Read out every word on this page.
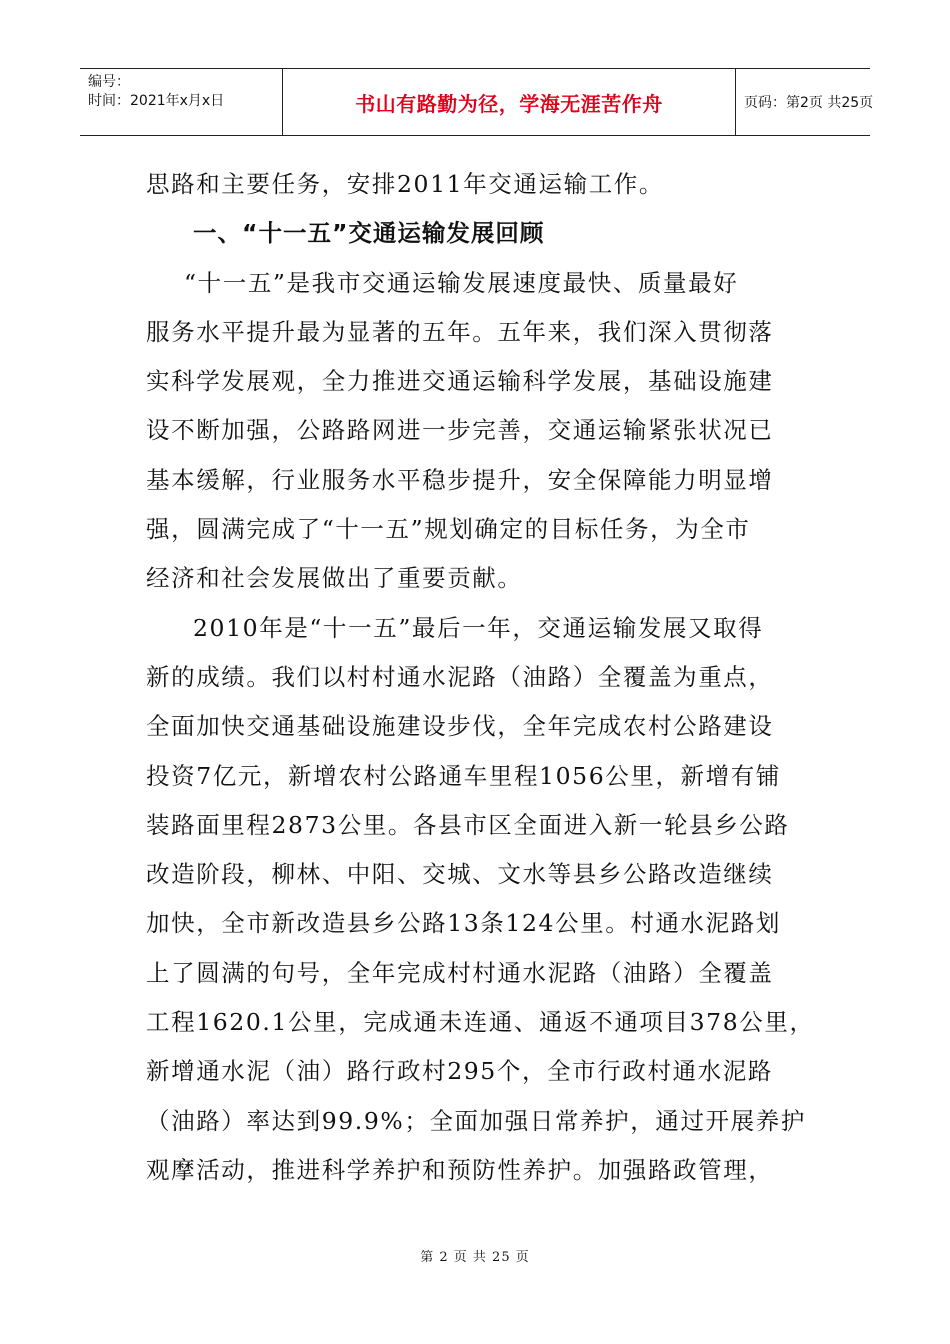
编号：
时间：2021年x月x日	书山有路勤为径，学海无涯苦作舟	页码：第2页 共25页
思路和主要任务，安排2011年交通运输工作。
一、“十一五”交通运输发展回顾
“十一五”是我市交通运输发展速度最快、质量最好
服务水平提升最为显著的五年。五年来，我们深入贯彻落
实科学发展观，全力推进交通运输科学发展，基础设施建
设不断加强，公路路网进一步完善，交通运输紧张状况已
基本缓解，行业服务水平稳步提升，安全保障能力明显增
强，圆满完成了“十一五”规划确定的目标任务，为全市
经济和社会发展做出了重要贡献。
2010年是“十一五”最后一年，交通运输发展又取得
新的成绩。我们以村村通水泥路（油路）全覆盖为重点，
全面加快交通基础设施建设步伐，全年完成农村公路建设
投资7亿元，新增农村公路通车里程1056公里，新增有铺
装路面里程2873公里。各县市区全面进入新一轮县乡公路
改造阶段，柳林、中阳、交城、文水等县乡公路改造继续
加快，全市新改造县乡公路13条124公里。村通水泥路划
上了圆满的句号，全年完成村村通水泥路（油路）全覆盖
工程1620.1公里，完成通未连通、通返不通项目378公里，
新增通水泥（油）路行政村295个，全市行政村通水泥路
（油路）率达到99.9%；全面加强日常养护，通过开展养护
观摩活动，推进科学养护和预防性养护。加强路政管理，
第 2 页 共 25 页
